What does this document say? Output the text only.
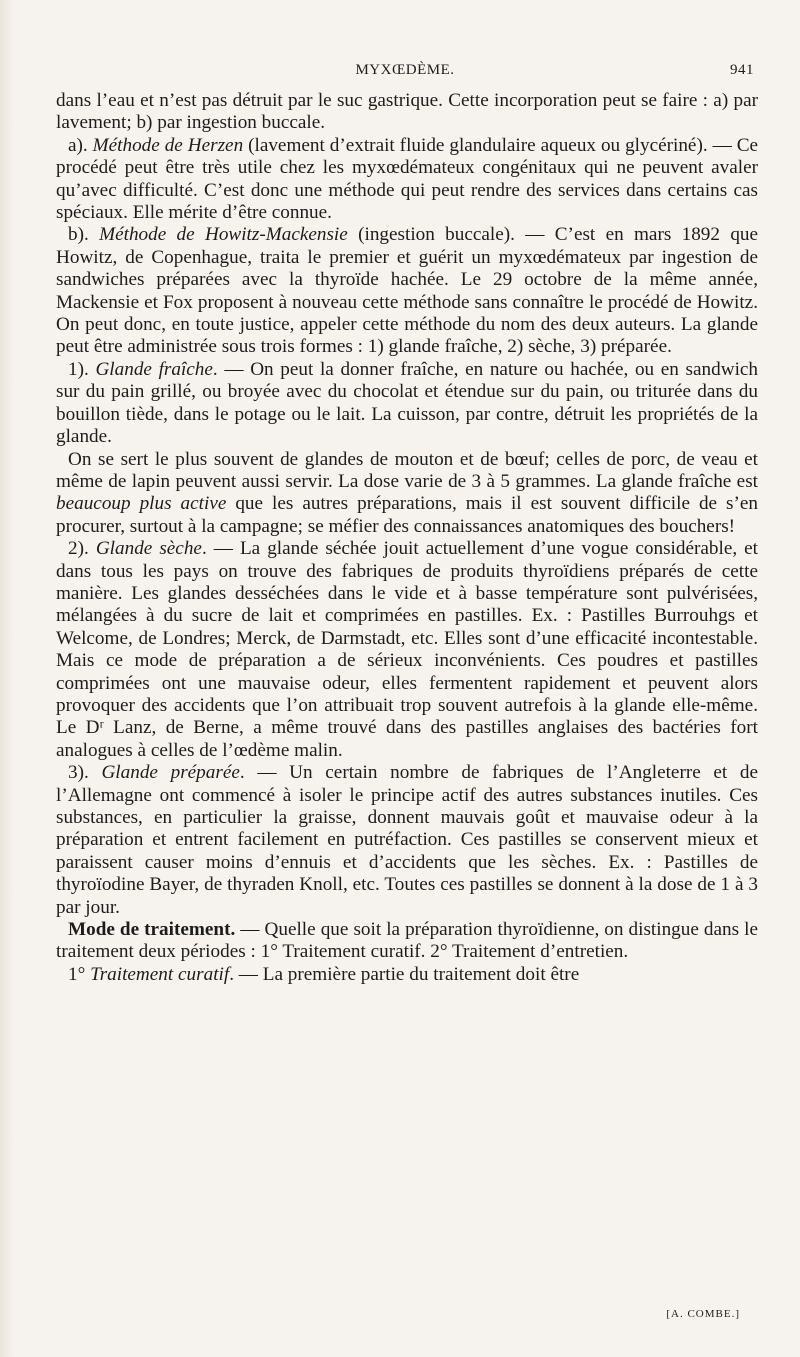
MYXŒDÈME.	941

dans l’eau et n’est pas détruit par le suc gastrique. Cette incorporation peut se faire : a) par lavement; b) par ingestion buccale.

a). Méthode de Herzen (lavement d’extrait fluide glandulaire aqueux ou glycériné). — Ce procédé peut être très utile chez les myxœdémateux congénitaux qui ne peuvent avaler qu’avec difficulté. C’est donc une méthode qui peut rendre des services dans certains cas spéciaux. Elle mérite d’être connue.

b). Méthode de Howitz-Mackensie (ingestion buccale). — C’est en mars 1892 que Howitz, de Copenhague, traita le premier et guérit un myxœdémateux par ingestion de sandwiches préparées avec la thyroïde hachée. Le 29 octobre de la même année, Mackensie et Fox proposent à nouveau cette méthode sans connaître le procédé de Howitz. On peut donc, en toute justice, appeler cette méthode du nom des deux auteurs. La glande peut être administrée sous trois formes : 1) glande fraîche, 2) sèche, 3) préparée.

1). Glande fraîche. — On peut la donner fraîche, en nature ou hachée, ou en sandwich sur du pain grillé, ou broyée avec du chocolat et étendue sur du pain, ou triturée dans du bouillon tiède, dans le potage ou le lait. La cuisson, par contre, détruit les propriétés de la glande.

On se sert le plus souvent de glandes de mouton et de bœuf; celles de porc, de veau et même de lapin peuvent aussi servir. La dose varie de 3 à 5 grammes. La glande fraîche est beaucoup plus active que les autres préparations, mais il est souvent difficile de s’en procurer, surtout à la campagne; se méfier des connaissances anatomiques des bouchers!

2). Glande sèche. — La glande séchée jouit actuellement d’une vogue considérable, et dans tous les pays on trouve des fabriques de produits thyroïdiens préparés de cette manière. Les glandes desséchées dans le vide et à basse température sont pulvérisées, mélangées à du sucre de lait et comprimées en pastilles. Ex. : Pastilles Burrouhgs et Welcome, de Londres; Merck, de Darmstadt, etc. Elles sont d’une efficacité incontestable. Mais ce mode de préparation a de sérieux inconvénients. Ces poudres et pastilles comprimées ont une mauvaise odeur, elles fermentent rapidement et peuvent alors provoquer des accidents que l’on attribuait trop souvent autrefois à la glande elle-même. Le Dʳ Lanz, de Berne, a même trouvé dans des pastilles anglaises des bactéries fort analogues à celles de l’œdème malin.

3). Glande préparée. — Un certain nombre de fabriques de l’Angleterre et de l’Allemagne ont commencé à isoler le principe actif des autres substances inutiles. Ces substances, en particulier la graisse, donnent mauvais goût et mauvaise odeur à la préparation et entrent facilement en putréfaction. Ces pastilles se conservent mieux et paraissent causer moins d’ennuis et d’accidents que les sèches. Ex. : Pastilles de thyroïodine Bayer, de thyraden Knoll, etc. Toutes ces pastilles se donnent à la dose de 1 à 3 par jour.

Mode de traitement. — Quelle que soit la préparation thyroïdienne, on distingue dans le traitement deux périodes : 1° Traitement curatif. 2° Traitement d’entretien.

1° Traitement curatif. — La première partie du traitement doit être

[A. COMBE.]
